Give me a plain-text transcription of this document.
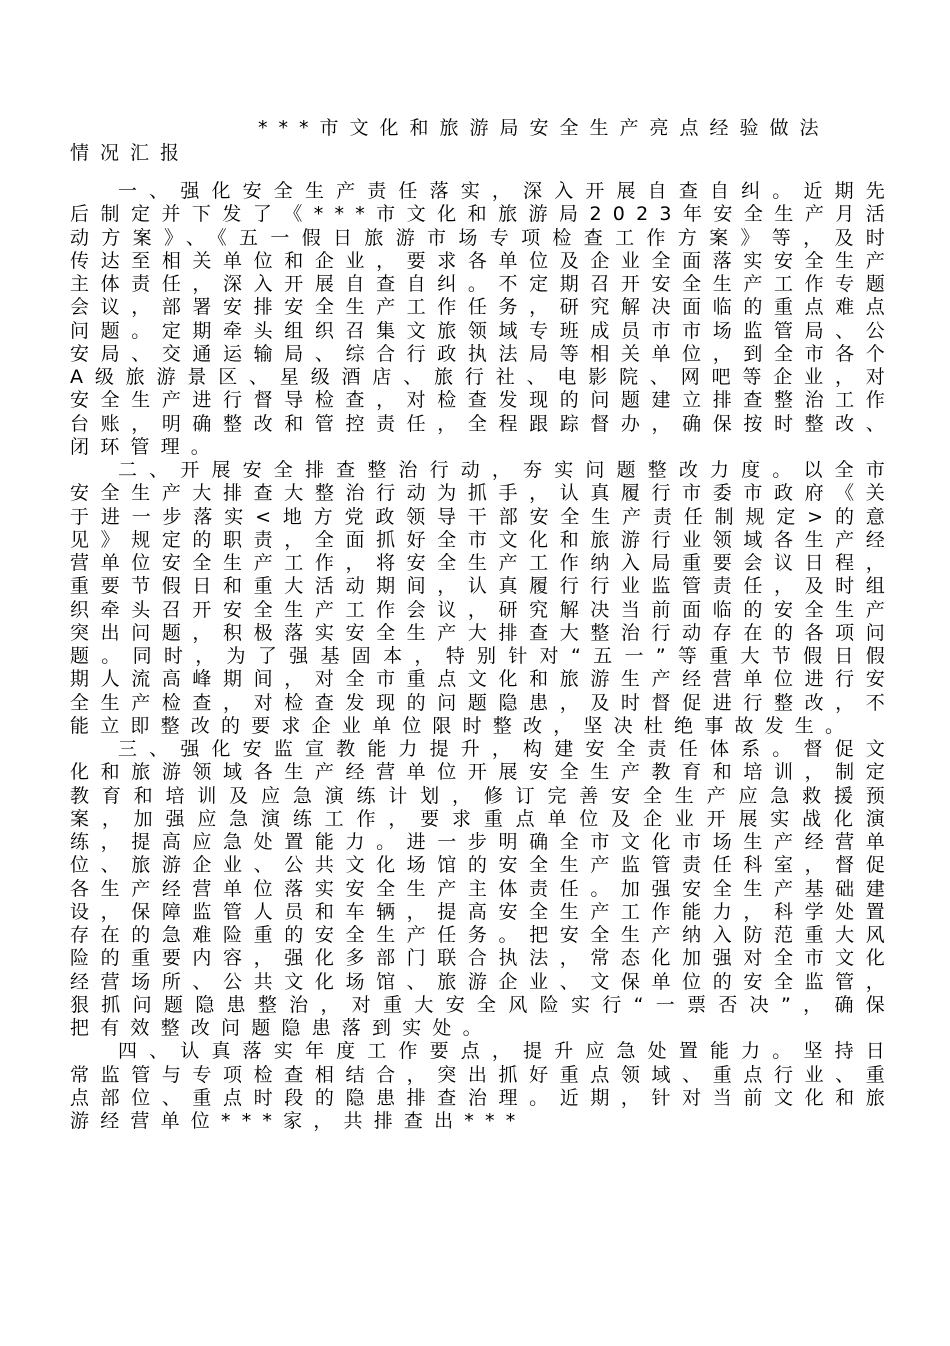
***市文化和旅游局安全生产亮点经验做法
情况汇报

一、强化安全生产责任落实，深入开展自查自纠。近期先后制定并下发了《***市文化和旅游局2023年安全生产月活动方案》、《五一假日旅游市场专项检查工作方案》等，及时传达至相关单位和企业，要求各单位及企业全面落实安全生产主体责任，深入开展自查自纠。不定期召开安全生产工作专题会议，部署安排安全生产工作任务，研究解决面临的重点难点问题。定期牵头组织召集文旅领域专班成员市市场监管局、公安局、交通运输局、综合行政执法局等相关单位，到全市各个A级旅游景区、星级酒店、旅行社、电影院、网吧等企业，对安全生产进行督导检查，对检查发现的问题建立排查整治工作台账，明确整改和管控责任，全程跟踪督办，确保按时整改、闭环管理。

二、开展安全排查整治行动，夯实问题整改力度。以全市安全生产大排查大整治行动为抓手，认真履行市委市政府《关于进一步落实<地方党政领导干部安全生产责任制规定>的意见》规定的职责，全面抓好全市文化和旅游行业领域各生产经营单位安全生产工作，将安全生产工作纳入局重要会议日程，重要节假日和重大活动期间，认真履行行业监管责任，及时组织牵头召开安全生产工作会议，研究解决当前面临的安全生产突出问题，积极落实安全生产大排查大整治行动存在的各项问题。同时，为了强基固本，特别针对“五一”等重大节假日假期人流高峰期间，对全市重点文化和旅游生产经营单位进行安全生产检查，对检查发现的问题隐患，及时督促进行整改，不能立即整改的要求企业单位限时整改，坚决杜绝事故发生。

三、强化安监宣教能力提升，构建安全责任体系。督促文化和旅游领域各生产经营单位开展安全生产教育和培训，制定教育和培训及应急演练计划，修订完善安全生产应急救援预案，加强应急演练工作，要求重点单位及企业开展实战化演练，提高应急处置能力。进一步明确全市文化市场生产经营单位、旅游企业、公共文化场馆的安全生产监管责任科室，督促各生产经营单位落实安全生产主体责任。加强安全生产基础建设，保障监管人员和车辆，提高安全生产工作能力，科学处置存在的急难险重的安全生产任务。把安全生产纳入防范重大风险的重要内容，强化多部门联合执法，常态化加强对全市文化经营场所、公共文化场馆、旅游企业、文保单位的安全监管，狠抓问题隐患整治，对重大安全风险实行“一票否决”，确保把有效整改问题隐患落到实处。

四、认真落实年度工作要点，提升应急处置能力。坚持日常监管与专项检查相结合，突出抓好重点领域、重点行业、重点部位、重点时段的隐患排查治理。近期，针对当前文化和旅游经营单位***家，共排查出***
